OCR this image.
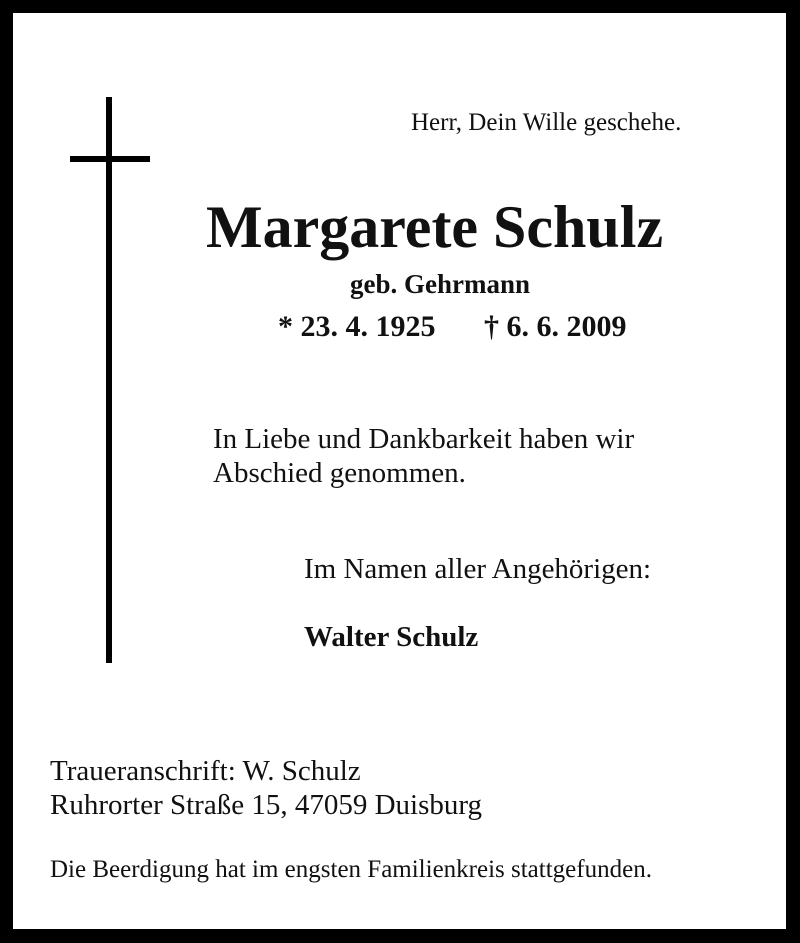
Herr, Dein Wille geschehe.
Margarete Schulz
geb. Gehrmann
* 23. 4. 1925 † 6. 6. 2009
In Liebe und Dankbarkeit haben wir
Abschied genommen.
Im Namen aller Angehörigen:
Walter Schulz
Traueranschrift: W. Schulz
Ruhrorter Straße 15, 47059 Duisburg
Die Beerdigung hat im engsten Familienkreis stattgefunden.
